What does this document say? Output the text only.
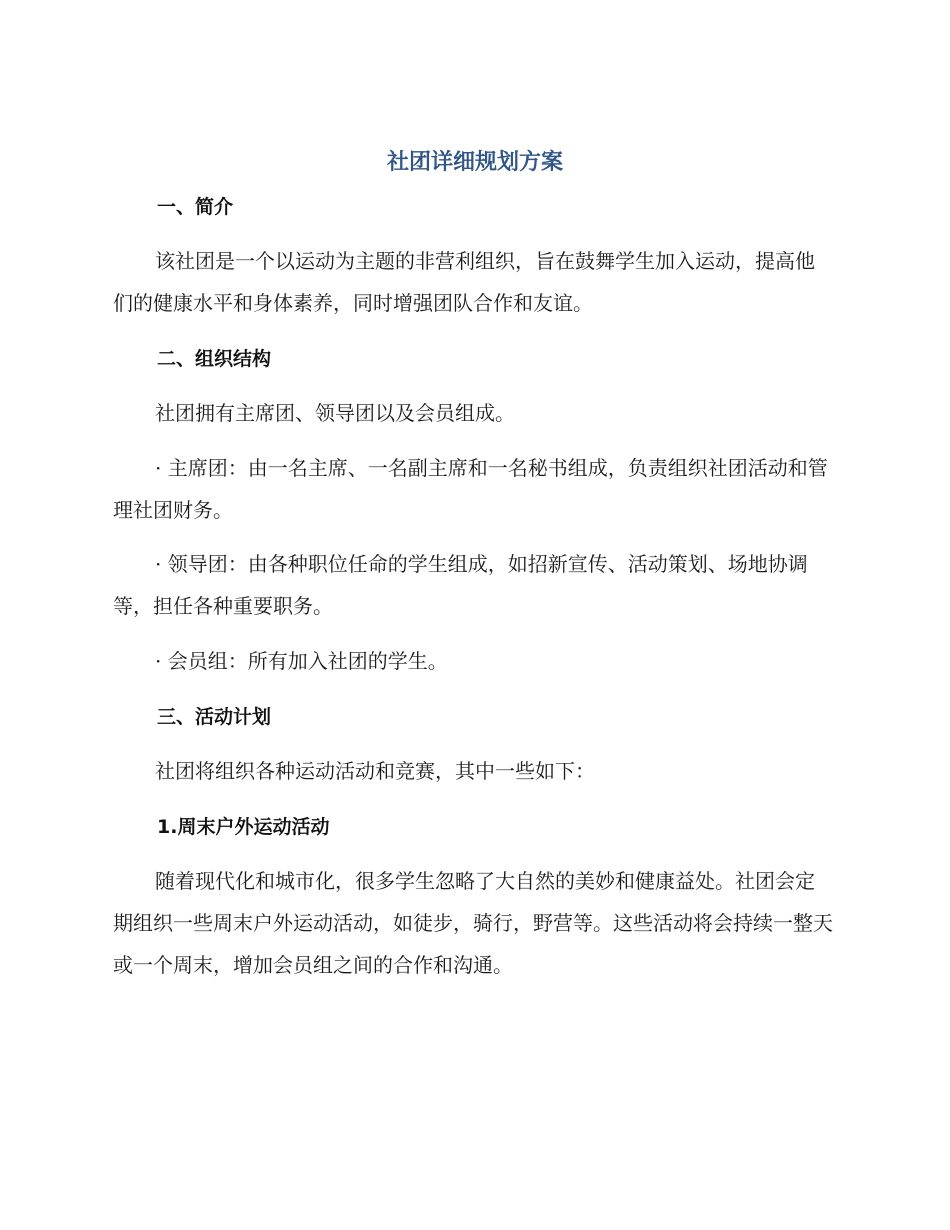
社团详细规划方案
一、简介

该社团是一个以运动为主题的非营利组织，旨在鼓舞学生加入运动，提高他们的健康水平和身体素养，同时增强团队合作和友谊。

二、组织结构

社团拥有主席团、领导团以及会员组成。

· 主席团：由一名主席、一名副主席和一名秘书组成，负责组织社团活动和管理社团财务。

· 领导团：由各种职位任命的学生组成，如招新宣传、活动策划、场地协调等，担任各种重要职务。

· 会员组：所有加入社团的学生。

三、活动计划

社团将组织各种运动活动和竞赛，其中一些如下：

1.周末户外运动活动

随着现代化和城市化，很多学生忽略了大自然的美妙和健康益处。社团会定期组织一些周末户外运动活动，如徒步，骑行，野营等。这些活动将会持续一整天或一个周末，增加会员组之间的合作和沟通。
